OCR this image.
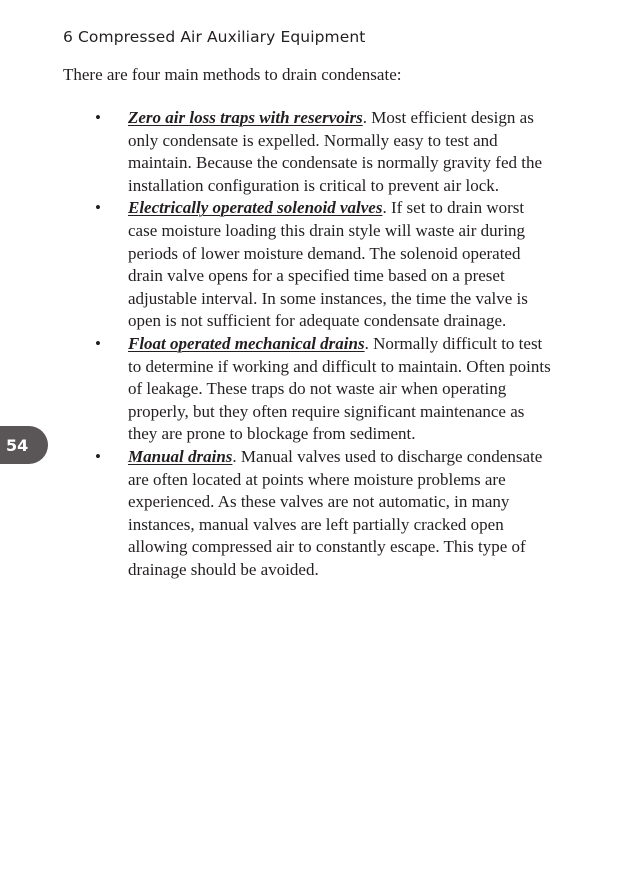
6 Compressed Air Auxiliary Equipment
There are four main methods to drain condensate:
• Zero air loss traps with reservoirs. Most efficient design as only condensate is expelled. Normally easy to test and maintain. Because the condensate is normally gravity fed the installation configuration is critical to prevent air lock.
• Electrically operated solenoid valves. If set to drain worst case moisture loading this drain style will waste air during periods of lower moisture demand. The solenoid operated drain valve opens for a specified time based on a preset adjustable interval. In some instances, the time the valve is open is not sufficient for adequate condensate drainage.
• Float operated mechanical drains. Normally difficult to test to determine if working and difficult to maintain. Often points of leakage. These traps do not waste air when operating properly, but they often require significant maintenance as they are prone to blockage from sediment.
• Manual drains. Manual valves used to discharge condensate are often located at points where moisture problems are experienced. As these valves are not automatic, in many instances, manual valves are left partially cracked open allowing compressed air to constantly escape. This type of drainage should be avoided.
54
